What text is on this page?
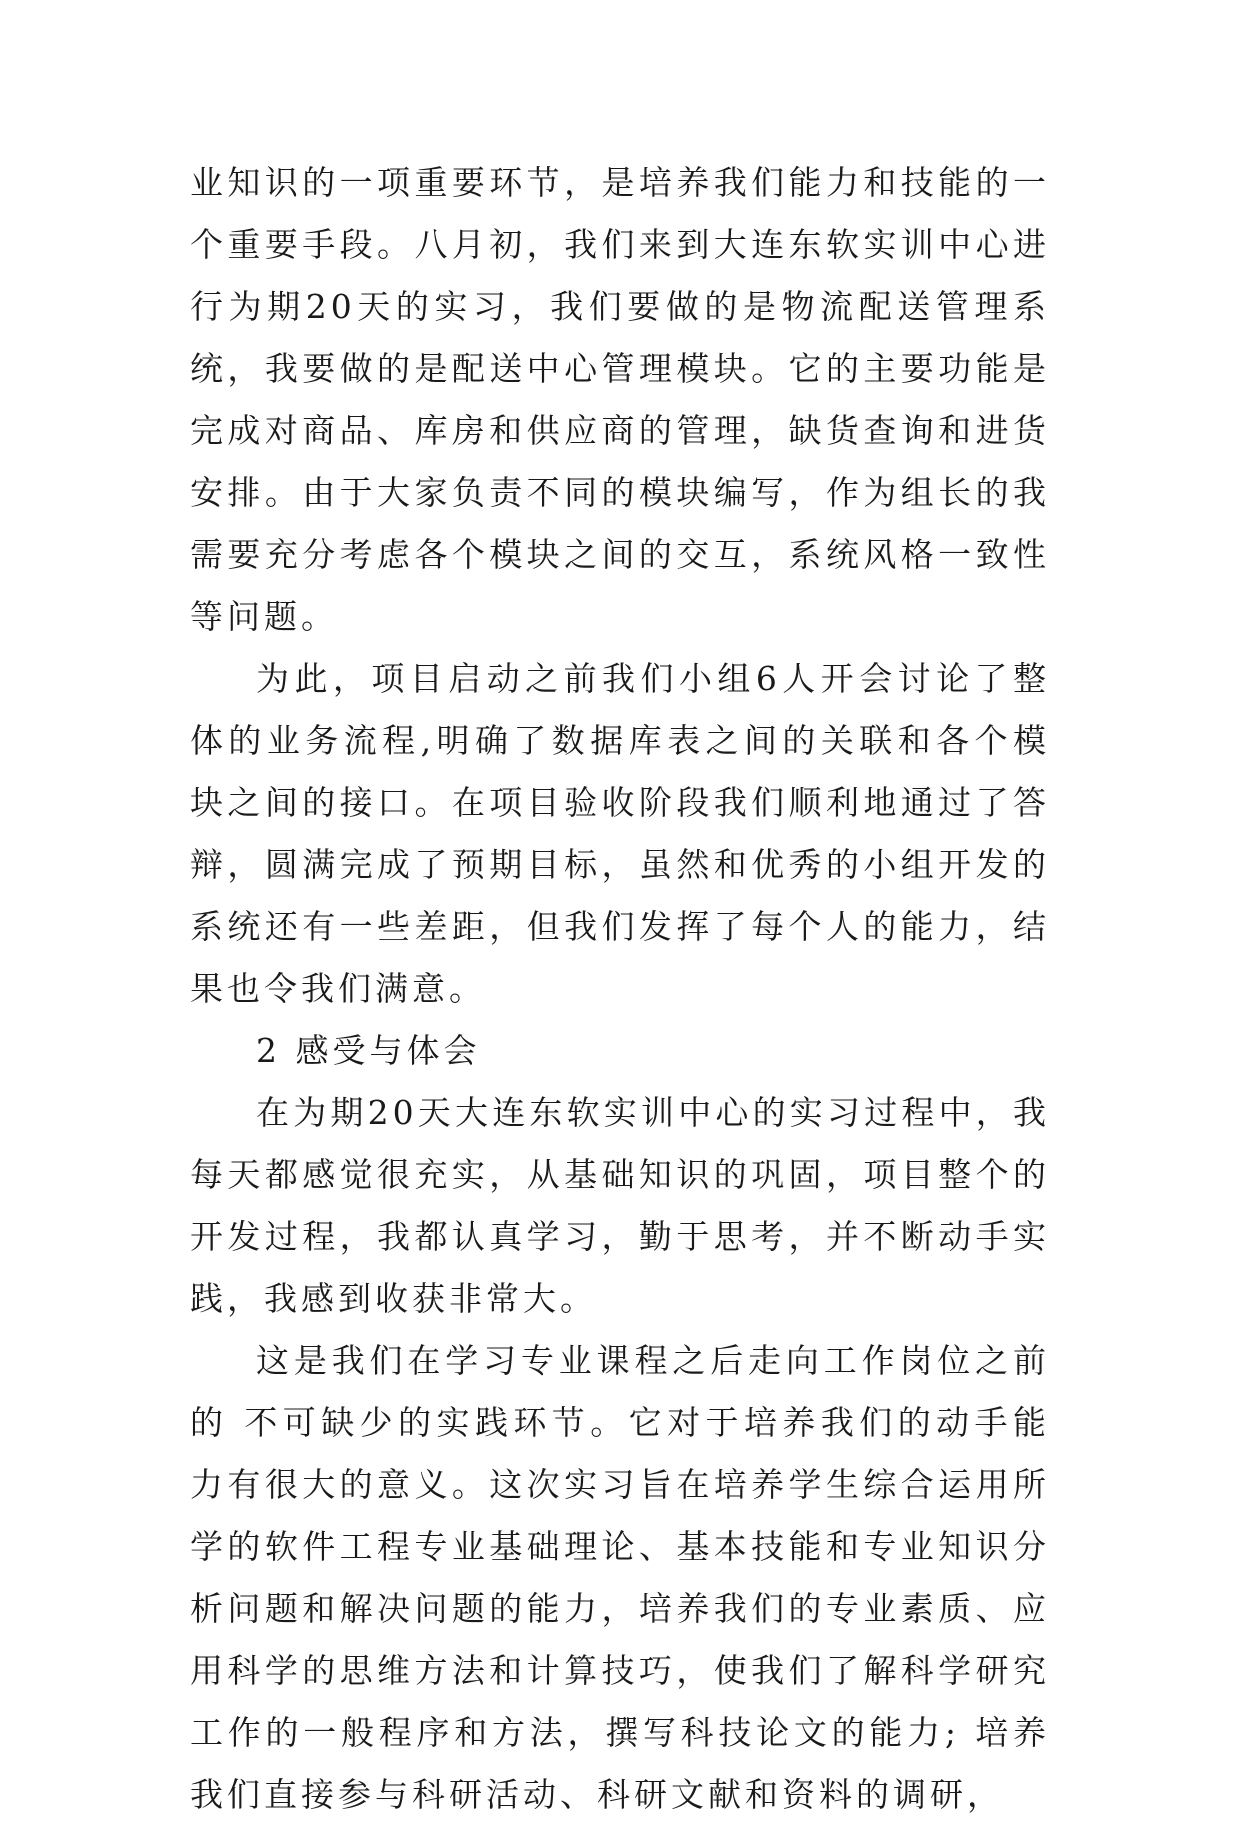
业知识的一项重要环节，是培养我们能力和技能的一个重要手段。八月初，我们来到大连东软实训中心进行为期20天的实习，我们要做的是物流配送管理系统，我要做的是配送中心管理模块。它的主要功能是完成对商品、库房和供应商的管理，缺货查询和进货安排。由于大家负责不同的模块编写，作为组长的我需要充分考虑各个模块之间的交互，系统风格一致性等问题。

为此，项目启动之前我们小组6人开会讨论了整体的业务流程,明确了数据库表之间的关联和各个模块之间的接口。在项目验收阶段我们顺利地通过了答辩，圆满完成了预期目标，虽然和优秀的小组开发的系统还有一些差距，但我们发挥了每个人的能力，结果也令我们满意。

2 感受与体会

在为期20天大连东软实训中心的实习过程中，我每天都感觉很充实，从基础知识的巩固，项目整个的开发过程，我都认真学习，勤于思考，并不断动手实践，我感到收获非常大。

这是我们在学习专业课程之后走向工作岗位之前的 不可缺少的实践环节。它对于培养我们的动手能力有很大的意义。这次实习旨在培养学生综合运用所学的软件工程专业基础理论、基本技能和专业知识分析问题和解决问题的能力，培养我们的专业素质、应用科学的思维方法和计算技巧，使我们了解科学研究工作的一般程序和方法，撰写科技论文的能力; 培养我们直接参与科研活动、科研文献和资料的调研，
